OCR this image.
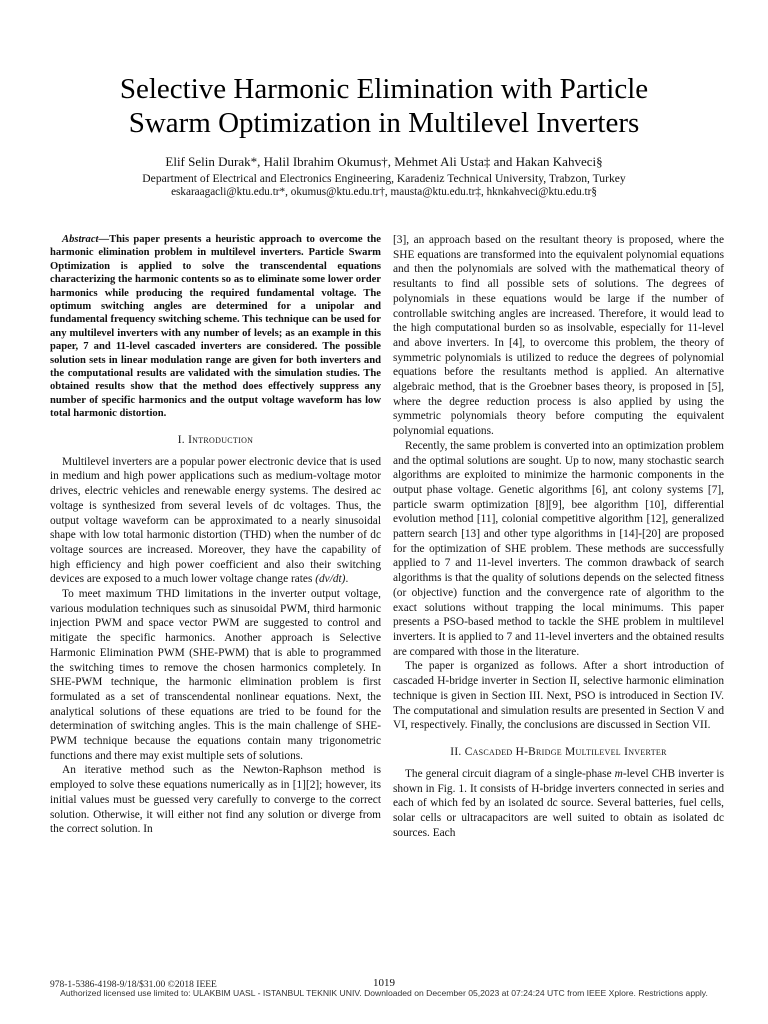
Selective Harmonic Elimination with Particle
Swarm Optimization in Multilevel Inverters
Elif Selin Durak*, Halil Ibrahim Okumus†, Mehmet Ali Usta‡ and Hakan Kahveci§
Department of Electrical and Electronics Engineering, Karadeniz Technical University, Trabzon, Turkey
eskaraagacli@ktu.edu.tr*, okumus@ktu.edu.tr†, mausta@ktu.edu.tr‡, hknkahveci@ktu.edu.tr§

Abstract—This paper presents a heuristic approach to overcome the harmonic elimination problem in multilevel inverters. Particle Swarm Optimization is applied to solve the transcendental equations characterizing the harmonic contents so as to eliminate some lower order harmonics while producing the required fundamental voltage. The optimum switching angles are determined for a unipolar and fundamental frequency switching scheme. This technique can be used for any multilevel inverters with any number of levels; as an example in this paper, 7 and 11-level cascaded inverters are considered. The possible solution sets in linear modulation range are given for both inverters and the computational results are validated with the simulation studies. The obtained results show that the method does effectively suppress any number of specific harmonics and the output voltage waveform has low total harmonic distortion.

I. Introduction

Multilevel inverters are a popular power electronic device that is used in medium and high power applications such as medium-voltage motor drives, electric vehicles and renewable energy systems. The desired ac voltage is synthesized from several levels of dc voltages. Thus, the output voltage waveform can be approximated to a nearly sinusoidal shape with low total harmonic distortion (THD) when the number of dc voltage sources are increased. Moreover, they have the capability of high efficiency and high power coefficient and also their switching devices are exposed to a much lower voltage change rates (dv/dt).

To meet maximum THD limitations in the inverter output voltage, various modulation techniques such as sinusoidal PWM, third harmonic injection PWM and space vector PWM are suggested to control and mitigate the specific harmonics. Another approach is Selective Harmonic Elimination PWM (SHE-PWM) that is able to programmed the switching times to remove the chosen harmonics completely. In SHE-PWM technique, the harmonic elimination problem is first formulated as a set of transcendental nonlinear equations. Next, the analytical solutions of these equations are tried to be found for the determination of switching angles. This is the main challenge of SHE-PWM technique because the equations contain many trigonometric functions and there may exist multiple sets of solutions.

An iterative method such as the Newton-Raphson method is employed to solve these equations numerically as in [1][2]; however, its initial values must be guessed very carefully to converge to the correct solution. Otherwise, it will either not find any solution or diverge from the correct solution. In

[3], an approach based on the resultant theory is proposed, where the SHE equations are transformed into the equivalent polynomial equations and then the polynomials are solved with the mathematical theory of resultants to find all possible sets of solutions. The degrees of polynomials in these equations would be large if the number of controllable switching angles are increased. Therefore, it would lead to the high computational burden so as insolvable, especially for 11-level and above inverters. In [4], to overcome this problem, the theory of symmetric polynomials is utilized to reduce the degrees of polynomial equations before the resultants method is applied. An alternative algebraic method, that is the Groebner bases theory, is proposed in [5], where the degree reduction process is also applied by using the symmetric polynomials theory before computing the equivalent polynomial equations.

Recently, the same problem is converted into an optimization problem and the optimal solutions are sought. Up to now, many stochastic search algorithms are exploited to minimize the harmonic components in the output phase voltage. Genetic algorithms [6], ant colony systems [7], particle swarm optimization [8][9], bee algorithm [10], differential evolution method [11], colonial competitive algorithm [12], generalized pattern search [13] and other type algorithms in [14]-[20] are proposed for the optimization of SHE problem. These methods are successfully applied to 7 and 11-level inverters. The common drawback of search algorithms is that the quality of solutions depends on the selected fitness (or objective) function and the convergence rate of algorithm to the exact solutions without trapping the local minimums. This paper presents a PSO-based method to tackle the SHE problem in multilevel inverters. It is applied to 7 and 11-level inverters and the obtained results are compared with those in the literature.

The paper is organized as follows. After a short introduction of cascaded H-bridge inverter in Section II, selective harmonic elimination technique is given in Section III. Next, PSO is introduced in Section IV. The computational and simulation results are presented in Section V and VI, respectively. Finally, the conclusions are discussed in Section VII.

II. Cascaded H-Bridge Multilevel Inverter

The general circuit diagram of a single-phase m-level CHB inverter is shown in Fig. 1. It consists of H-bridge inverters connected in series and each of which fed by an isolated dc source. Several batteries, fuel cells, solar cells or ultracapacitors are well suited to obtain as isolated dc sources. Each

1019
978-1-5386-4198-9/18/$31.00 ©2018 IEEE
Authorized licensed use limited to: ULAKBIM UASL - ISTANBUL TEKNIK UNIV. Downloaded on December 05,2023 at 07:24:24 UTC from IEEE Xplore. Restrictions apply.
